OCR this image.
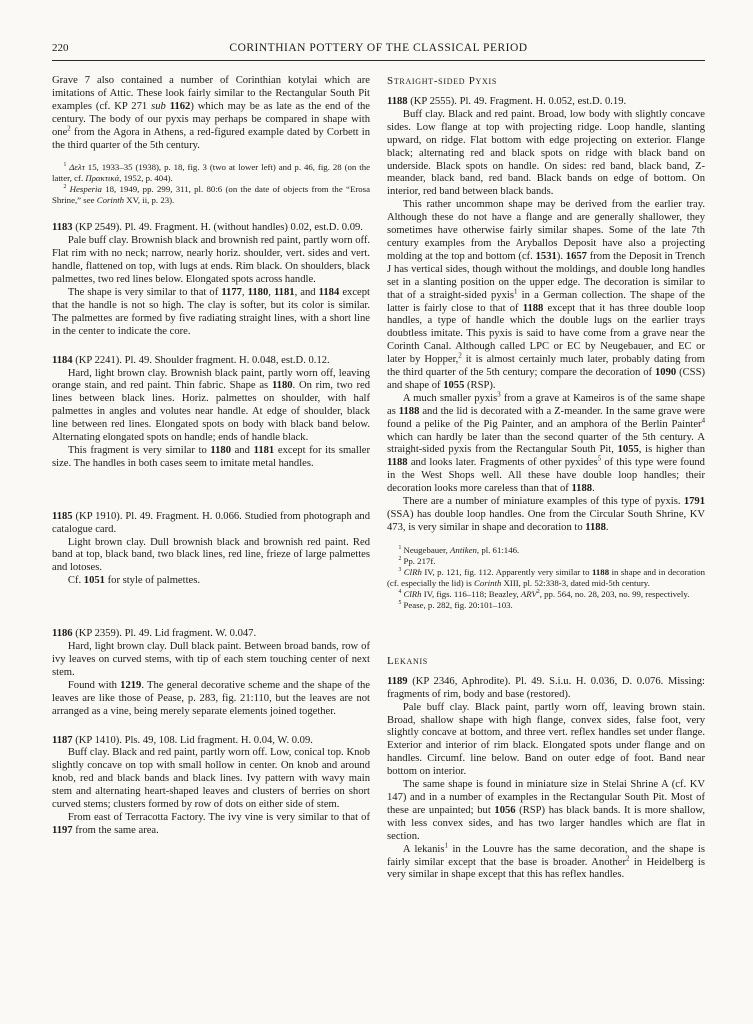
220	CORINTHIAN POTTERY OF THE CLASSICAL PERIOD

Grave 7 also contained a number of Corinthian kotylai which are imitations of Attic. These look fairly similar to the Rectangular South Pit examples (cf. KP 271 sub 1162) which may be as late as the end of the century. The body of our pyxis may perhaps be compared in shape with one$^2$ from the Agora in Athens, a red-figured example dated by Corbett in the third quarter of the 5th century.

$^1$ Δελτ 15, 1933–35 (1938), p. 18, fig. 3 (two at lower left) and p. 46, fig. 28 (on the latter, cf. Πρακτικά, 1952, p. 404).

$^2$ Hesperia 18, 1949, pp. 299, 311, pl. 80:6 (on the date of objects from the “Erosa Shrine,” see Corinth XV, ii, p. 23).

1183 (KP 2549). Pl. 49. Fragment. H. (without handles) 0.02, est.D. 0.09.

Pale buff clay. Brownish black and brownish red paint, partly worn off. Flat rim with no neck; narrow, nearly horiz. shoulder, vert. sides and vert. handle, flattened on top, with lugs at ends. Rim black. On shoulders, black palmettes, two red lines below. Elongated spots across handle.

The shape is very similar to that of 1177, 1180, 1181, and 1184 except that the handle is not so high. The clay is softer, but its color is similar. The palmettes are formed by five radiating straight lines, with a short line in the center to indicate the core.

1184 (KP 2241). Pl. 49. Shoulder fragment. H. 0.048, est.D. 0.12.

Hard, light brown clay. Brownish black paint, partly worn off, leaving orange stain, and red paint. Thin fabric. Shape as 1180. On rim, two red lines between black lines. Horiz. palmettes on shoulder, with half palmettes in angles and volutes near handle. At edge of shoulder, black line between red lines. Elongated spots on body with black band below. Alternating elongated spots on handle; ends of handle black.

This fragment is very similar to 1180 and 1181 except for its smaller size. The handles in both cases seem to imitate metal handles.

1185 (KP 1910). Pl. 49. Fragment. H. 0.066. Studied from photograph and catalogue card.

Light brown clay. Dull brownish black and brownish red paint. Red band at top, black band, two black lines, red line, frieze of large palmettes and lotoses.

Cf. 1051 for style of palmettes.

1186 (KP 2359). Pl. 49. Lid fragment. W. 0.047.

Hard, light brown clay. Dull black paint. Between broad bands, row of ivy leaves on curved stems, with tip of each stem touching center of next stem.

Found with 1219. The general decorative scheme and the shape of the leaves are like those of Pease, p. 283, fig. 21:110, but the leaves are not arranged as a vine, being merely separate elements joined together.

1187 (KP 1410). Pls. 49, 108. Lid fragment. H. 0.04, W. 0.09.

Buff clay. Black and red paint, partly worn off. Low, conical top. Knob slightly concave on top with small hollow in center. On knob and around knob, red and black bands and black lines. Ivy pattern with wavy main stem and alternating heart-shaped leaves and clusters of berries on short curved stems; clusters formed by row of dots on either side of stem.

From east of Terracotta Factory. The ivy vine is very similar to that of 1197 from the same area.

Straight-sided Pyxis

1188 (KP 2555). Pl. 49. Fragment. H. 0.052, est.D. 0.19.

Buff clay. Black and red paint. Broad, low body with slightly concave sides. Low flange at top with projecting ridge. Loop handle, slanting upward, on ridge. Flat bottom with edge projecting on exterior. Flange black; alternating red and black spots on ridge with black band on underside. Black spots on handle. On sides: red band, black band, Z-meander, black band, red band. Black bands on edge of bottom. On interior, red band between black bands.

This rather uncommon shape may be derived from the earlier tray. Although these do not have a flange and are generally shallower, they sometimes have otherwise fairly similar shapes. Some of the late 7th century examples from the Aryballos Deposit have also a projecting molding at the top and bottom (cf. 1531). 1657 from the Deposit in Trench J has vertical sides, though without the moldings, and double long handles set in a slanting position on the upper edge. The decoration is similar to that of a straight-sided pyxis$^1$ in a German collection. The shape of the latter is fairly close to that of 1188 except that it has three double loop handles, a type of handle which the double lugs on the earlier trays doubtless imitate. This pyxis is said to have come from a grave near the Corinth Canal. Although called LPC or EC by Neugebauer, and EC or later by Hopper,$^2$ it is almost certainly much later, probably dating from the third quarter of the 5th century; compare the decoration of 1090 (CSS) and shape of 1055 (RSP).

A much smaller pyxis$^3$ from a grave at Kameiros is of the same shape as 1188 and the lid is decorated with a Z-meander. In the same grave were found a pelike of the Pig Painter, and an amphora of the Berlin Painter$^4$ which can hardly be later than the second quarter of the 5th century. A straight-sided pyxis from the Rectangular South Pit, 1055, is higher than 1188 and looks later. Fragments of other pyxides$^5$ of this type were found in the West Shops well. All these have double loop handles; their decoration looks more careless than that of 1188.

There are a number of miniature examples of this type of pyxis. 1791 (SSA) has double loop handles. One from the Circular South Shrine, KV 473, is very similar in shape and decoration to 1188.

$^1$ Neugebauer, Antiken, pl. 61:146.

$^2$ Pp. 217f.

$^3$ ClRh IV, p. 121, fig. 112. Apparently very similar to 1188 in shape and in decoration (cf. especially the lid) is Corinth XIII, pl. 52:338-3, dated mid-5th century.

$^4$ ClRh IV, figs. 116–118; Beazley, ARV$^2$, pp. 564, no. 28, 203, no. 99, respectively.

$^5$ Pease, p. 282, fig. 20:101–103.

Lekanis

1189 (KP 2346, Aphrodite). Pl. 49. S.i.u. H. 0.036, D. 0.076. Missing: fragments of rim, body and base (restored).

Pale buff clay. Black paint, partly worn off, leaving brown stain. Broad, shallow shape with high flange, convex sides, false foot, very slightly concave at bottom, and three vert. reflex handles set under flange. Exterior and interior of rim black. Elongated spots under flange and on handles. Circumf. line below. Band on outer edge of foot. Band near bottom on interior.

The same shape is found in miniature size in Stelai Shrine A (cf. KV 147) and in a number of examples in the Rectangular South Pit. Most of these are unpainted; but 1056 (RSP) has black bands. It is more shallow, with less convex sides, and has two larger handles which are flat in section.

A lekanis$^1$ in the Louvre has the same decoration, and the shape is fairly similar except that the base is broader. Another$^2$ in Heidelberg is very similar in shape except that this has reflex handles.
